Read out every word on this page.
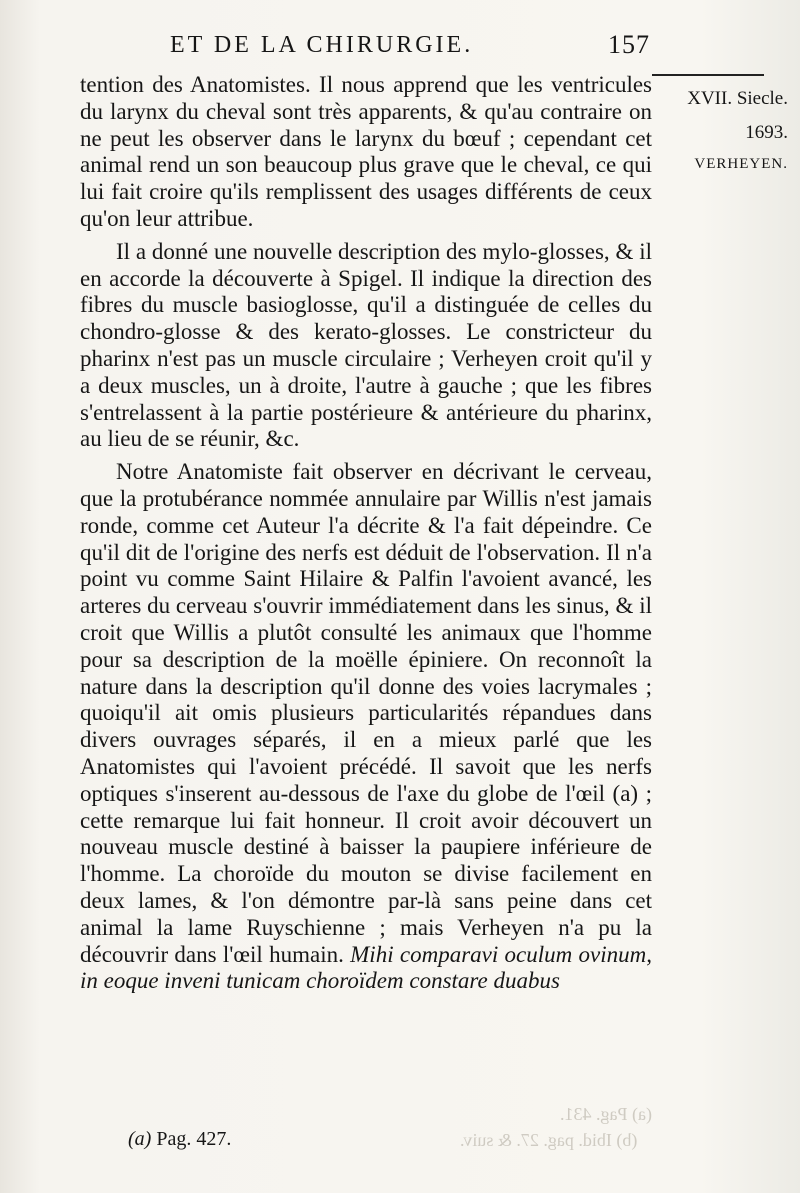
ET DE LA CHIRURGIE.	157
XVII. Siecle.
1693.
VERHEYEN.

tention des Anatomistes. Il nous apprend que les ventricules du larynx du cheval sont très apparents, & qu'au contraire on ne peut les observer dans le larynx du bœuf ; cependant cet animal rend un son beaucoup plus grave que le cheval, ce qui lui fait croire qu'ils remplissent des usages différents de ceux qu'on leur attribue.

Il a donné une nouvelle description des mylo-glosses, & il en accorde la découverte à Spigel. Il indique la direction des fibres du muscle basioglosse, qu'il a distinguée de celles du chondro-glosse & des kerato-glosses. Le constricteur du pharinx n'est pas un muscle circulaire ; Verheyen croit qu'il y a deux muscles, un à droite, l'autre à gauche ; que les fibres s'entrelassent à la partie postérieure & antérieure du pharinx, au lieu de se réunir, &c.

Notre Anatomiste fait observer en décrivant le cerveau, que la protubérance nommée annulaire par Willis n'est jamais ronde, comme cet Auteur l'a décrite & l'a fait dépeindre. Ce qu'il dit de l'origine des nerfs est déduit de l'observation. Il n'a point vu comme Saint Hilaire & Palfin l'avoient avancé, les arteres du cerveau s'ouvrir immédiatement dans les sinus, & il croit que Willis a plutôt consulté les animaux que l'homme pour sa description de la moëlle épiniere. On reconnoît la nature dans la description qu'il donne des voies lacrymales ; quoiqu'il ait omis plusieurs particularités répandues dans divers ouvrages séparés, il en a mieux parlé que les Anatomistes qui l'avoient précédé. Il savoit que les nerfs optiques s'inserent au-dessous de l'axe du globe de l'œil (a) ; cette remarque lui fait honneur. Il croit avoir découvert un nouveau muscle destiné à baisser la paupiere inférieure de l'homme. La choroïde du mouton se divise facilement en deux lames, & l'on démontre par-là sans peine dans cet animal la lame Ruyschienne ; mais Verheyen n'a pu la découvrir dans l'œil humain. Mihi comparavi oculum ovinum, in eoque inveni tunicam choroïdem constare duabus

(a) Pag. 431.
(b) Ibid. pag. 27. & suiv.
(a) Pag. 427.
